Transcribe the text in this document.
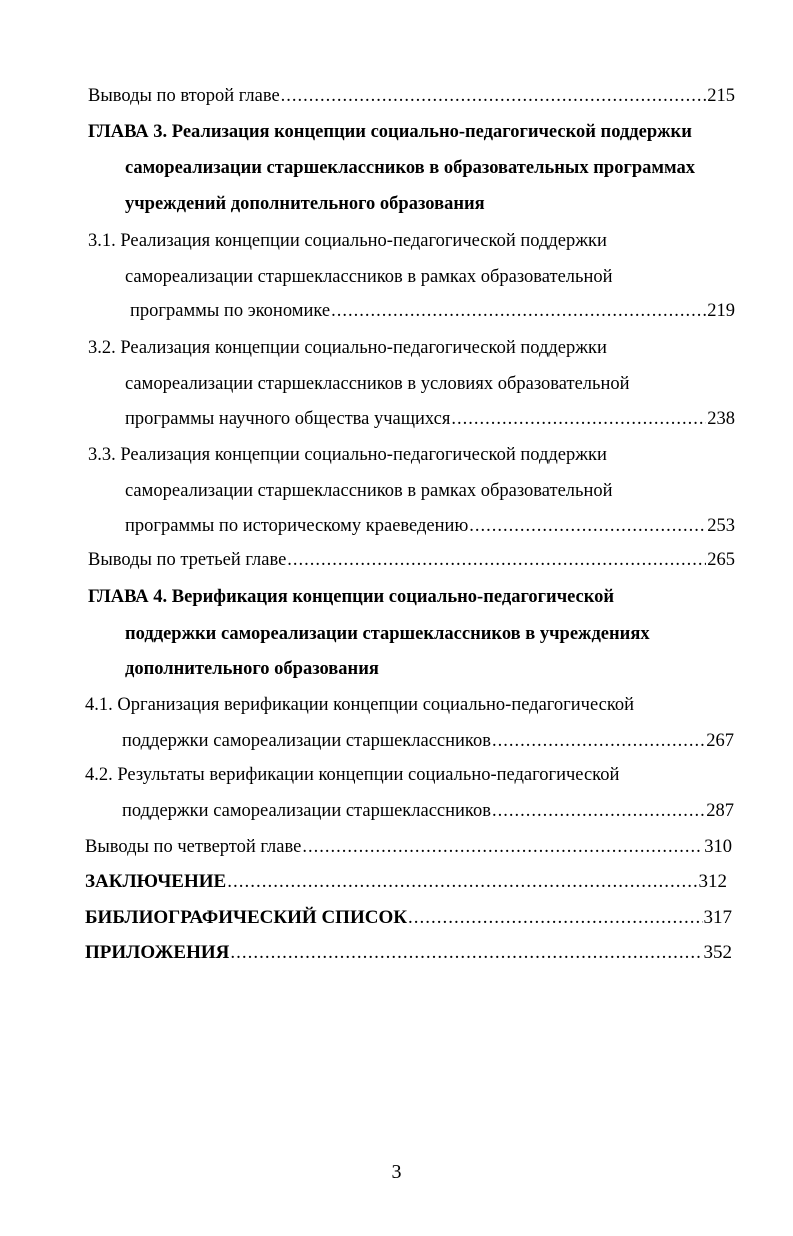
Выводы по второй главе .....	215
ГЛАВА 3. Реализация концепции социально-педагогической поддержки
самореализации старшеклассников в образовательных программах
учреждений дополнительного образования
3.1. Реализация концепции социально-педагогической поддержки
самореализации старшеклассников в рамках образовательной
программы по экономике .....	219
3.2. Реализация концепции социально-педагогической поддержки
самореализации старшеклассников в условиях образовательной
программы научного общества учащихся .....	238
3.3. Реализация концепции социально-педагогической поддержки
самореализации старшеклассников в рамках образовательной
программы по историческому краеведению .....	253
Выводы по третьей главе .....	265
ГЛАВА 4. Верификация концепции социально-педагогической
поддержки самореализации старшеклассников в учреждениях
дополнительного образования
4.1. Организация верификации концепции социально-педагогической
поддержки самореализации старшеклассников .....	267
4.2. Результаты верификации концепции социально-педагогической
поддержки самореализации старшеклассников .....	287
Выводы по четвертой главе .....	310
ЗАКЛЮЧЕНИЕ .....	312
БИБЛИОГРАФИЧЕСКИЙ СПИСОК .....	317
ПРИЛОЖЕНИЯ .....	352
3
